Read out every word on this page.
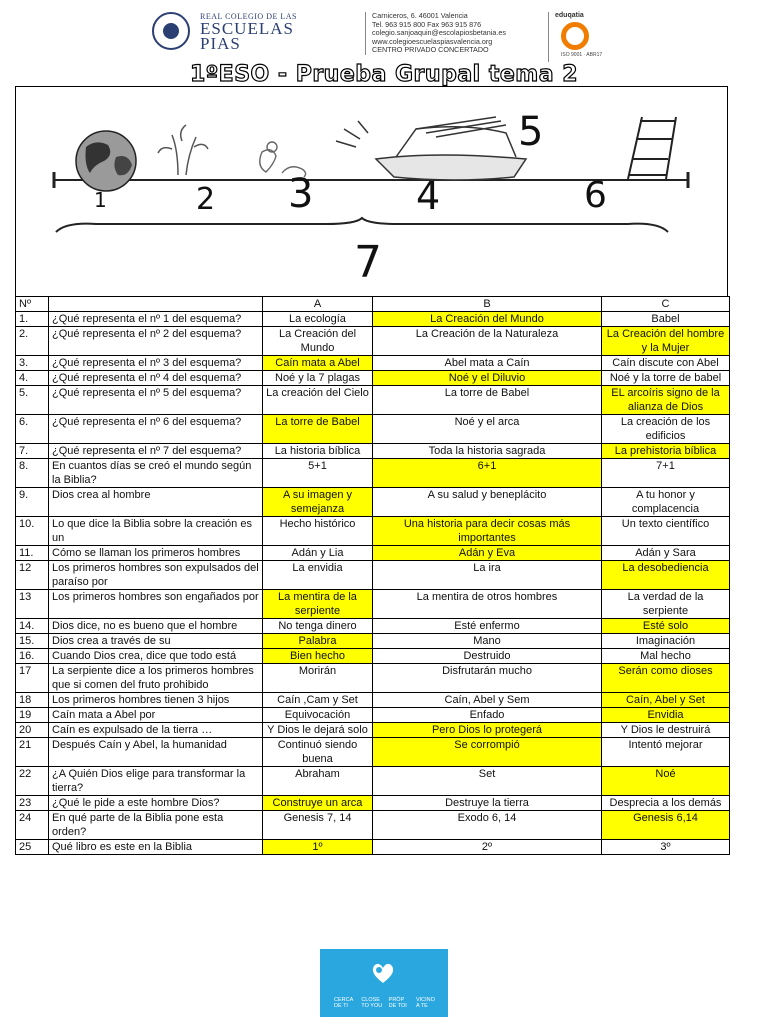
REAL COLEGIO DE LAS
ESCUELAS
PIAS
Carniceros, 6. 46001 Valencia
Tel. 963 915 800 Fax 963 915 876
colegio.sanjoaquin@escolapiosbetania.es
www.colegioescuelaspiasvalencia.org
CENTRO PRIVADO CONCERTADO
eduqatia
ISO 9001 · ABR17
1ºESO - Prueba Grupal tema 2
1	2 3	4
5
6
7
Nº		A	B	C
1.	¿Qué representa el nº 1 del esquema?	La ecología	La Creación del Mundo	Babel
2.	¿Qué representa el nº 2 del esquema?	La Creación del Mundo	La Creación de la Naturaleza	La Creación del hombre y la Mujer
3.	¿Qué representa el nº 3 del esquema?	Caín mata a Abel	Abel mata a Caín	Caín discute con Abel
4.	¿Qué representa el nº 4 del esquema?	Noé y la 7 plagas	Noé y el Diluvio	Noé y la torre de babel
5.	¿Qué representa el nº 5 del esquema?	La creación del Cielo	La torre de Babel	EL arcoíris signo de la alianza de Dios
6.	¿Qué representa el nº 6 del esquema?	La torre de Babel	Noé y el arca	La creación de los edificios
7.	¿Qué representa el nº 7 del esquema?	La historia bíblica	Toda la historia sagrada	La prehistoria bíblica
8.	En cuantos días se creó el mundo según la Biblia?	5+1	6+1	7+1
9.	Dios crea al hombre	A su imagen y semejanza	A su salud y beneplácito	A tu honor y complacencia
10.	Lo que dice la Biblia sobre la creación es un	Hecho histórico	Una historia para decir cosas más importantes	Un texto científico
11.	Cómo se llaman los primeros hombres	Adán y Lia	Adán y Eva	Adán y Sara
12	Los primeros hombres son expulsados del paraíso por	La envidia	La ira	La desobediencia
13	Los primeros hombres son engañados por	La mentira de la serpiente	La mentira de otros hombres	La verdad de la serpiente
14.	Dios dice, no es bueno que el hombre	No tenga dinero	Esté enfermo	Esté solo
15.	Dios crea a través de su	Palabra	Mano	Imaginación
16.	Cuando Dios crea, dice que todo está	Bien hecho	Destruido	Mal hecho
17	La serpiente dice a los primeros hombres que si comen del fruto prohibido	Morirán	Disfrutarán mucho	Serán como dioses
18	Los primeros hombres tienen 3 hijos	Caín ,Cam y Set	Caín, Abel y Sem	Caín, Abel y Set
19	Caín mata a Abel por	Equivocación	Enfado	Envidia
20	Caín es expulsado de la tierra …	Y Dios le dejará solo	Pero Dios lo protegerá	Y Dios le destruirá
21	Después Caín y Abel, la humanidad	Continuó siendo buena	Se corrompió	Intentó mejorar
22	¿A Quién Dios elige para transformar la tierra?	Abraham	Set	Noé
23	¿Qué le pide a este hombre Dios?	Construye un arca	Destruye la tierra	Desprecia a los demás
24	En qué parte de la Biblia pone esta orden?	Genesis 7, 14	Exodo 6, 14	Genesis 6,14
25	Qué libro es este en la Biblia	1º	2º	3º
CERCA DE TI
CLOSE TO YOU
PRÒP DE TOI
VICINO A TE
